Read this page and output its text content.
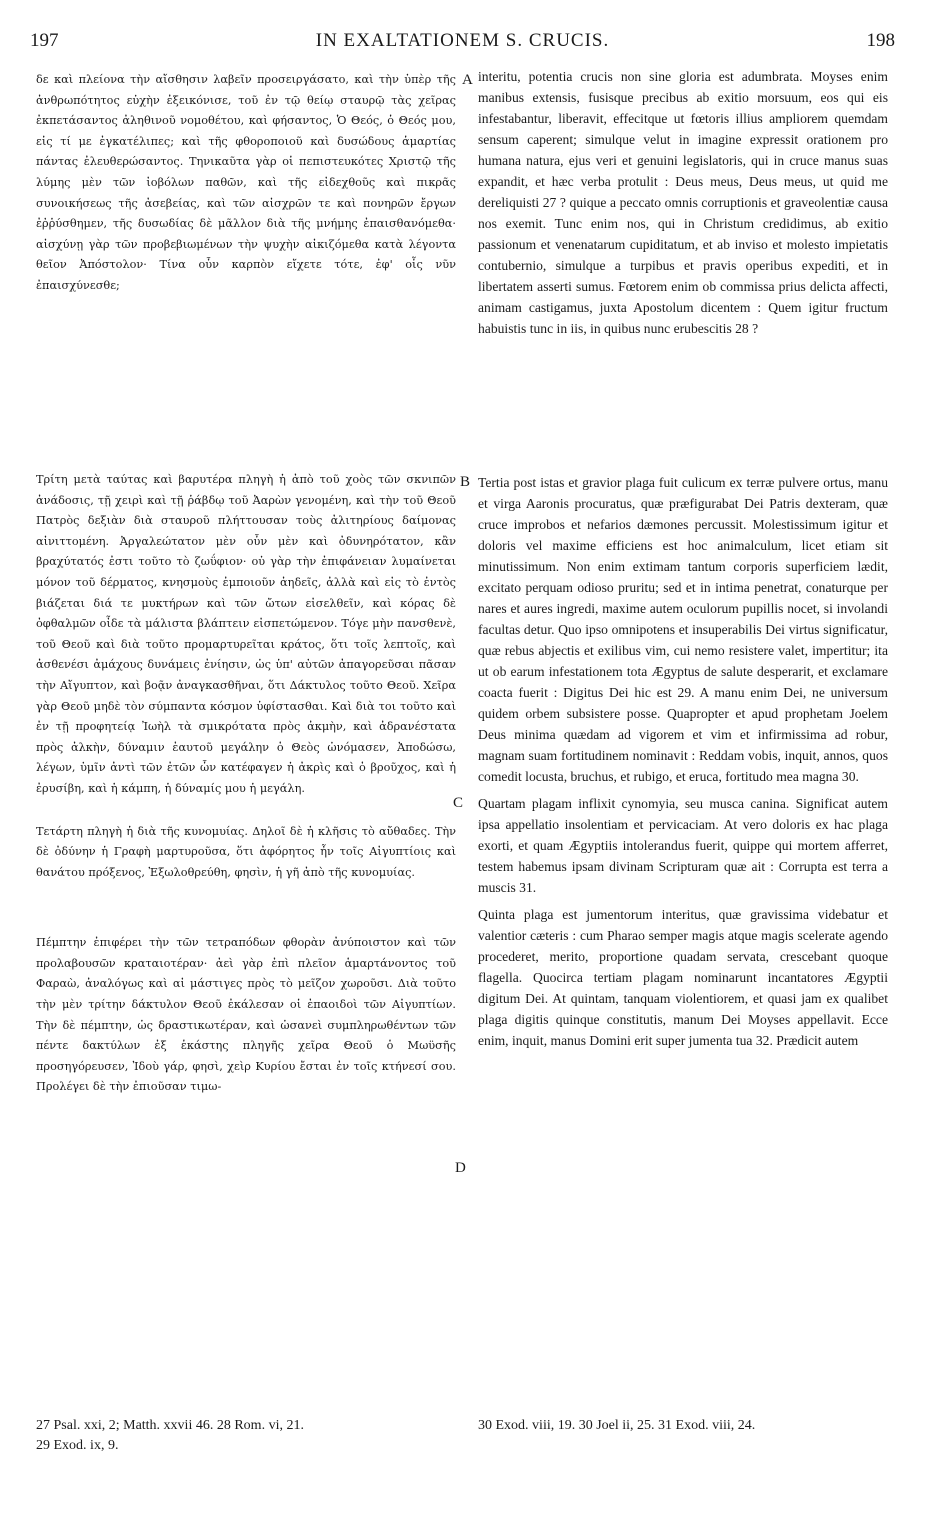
197	IN EXALTATIONEM S. CRUCIS.	198

δε καὶ πλείονα τὴν αἴσθησιν λαβεῖν προσειργάσατο, καὶ τὴν ὑπὲρ τῆς ἀνθρωπότητος εὐχὴν ἐξεικόνισε, τοῦ ἐν τῷ θείῳ σταυρῷ τὰς χεῖρας ἐκπετάσαντος ἀληθινοῦ νομοθέτου, καὶ φήσαντος, Ὁ Θεός, ὁ Θεός μου, εἰς τί με ἐγκατέλιπες; καὶ τῆς φθοροποιοῦ καὶ δυσώδους ἁμαρτίας πάντας ἐλευθερώσαντος. Τηνικαῦτα γὰρ οἱ πεπιστευκότες Χριστῷ τῆς λύμης μὲν τῶν ἰοβόλων παθῶν, καὶ τῆς εἰδεχθοῦς καὶ πικρᾶς συνοικήσεως τῆς ἀσεβείας, καὶ τῶν αἰσχρῶν τε καὶ πονηρῶν ἔργων ἐῤῥύσθημεν, τῆς δυσωδίας δὲ μᾶλλον διὰ τῆς μνήμης ἐπαισθανόμεθα· αἰσχύνῃ γὰρ τῶν προβεβιωμένων τὴν ψυχὴν αἰκιζόμεθα κατὰ λέγοντα θεῖον Ἀπόστολον· Τίνα οὖν καρπὸν εἴχετε τότε, ἐφ' οἷς νῦν ἐπαισχύνεσθε;

interitu, potentia crucis non sine gloria est adumbrata. Moyses enim manibus extensis, fusisque precibus ab exitio morsuum, eos qui eis infestabantur, liberavit, effecitque ut fœtoris illius ampliorem quemdam sensum caperent; simulque velut in imagine expressit orationem pro humana natura, ejus veri et genuini legislatoris, qui in cruce manus suas expandit, et hæc verba protulit : Deus meus, Deus meus, ut quid me dereliquisti 27 ? quique a peccato omnis corruptionis et graveolentiæ causa nos exemit. Tunc enim nos, qui in Christum credidimus, ab exitio passionum et venenatarum cupiditatum, et ab inviso et molesto impietatis contubernio, simulque a turpibus et pravis operibus expediti, et in libertatem asserti sumus. Fœtorem enim ob commissa prius delicta affecti, animam castigamus, juxta Apostolum dicentem : Quem igitur fructum habuistis tunc in iis, in quibus nunc erubescitis 28 ?

Τρίτη μετὰ ταύτας καὶ βαρυτέρα πληγὴ ἡ ἀπὸ τοῦ χοὸς τῶν σκνιπῶν ἀνάδοσις, τῇ χειρὶ καὶ τῇ ῥάβδῳ τοῦ Ἀαρὼν γενομένη, καὶ τὴν τοῦ Θεοῦ Πατρὸς δεξιὰν διὰ σταυροῦ πλήττουσαν τοὺς ἀλιτηρίους δαίμονας αἰνιττομένη. Ἀργαλεώτατον μὲν οὖν μὲν καὶ ὀδυνηρότατον, κἂν βραχύτατός ἐστι τοῦτο τὸ ζωΰφιον· οὐ γὰρ τὴν ἐπιφάνειαν λυμαίνεται μόνον τοῦ δέρματος, κνησμοὺς ἐμποιοῦν ἀηδεῖς, ἀλλὰ καὶ εἰς τὸ ἐντὸς βιάζεται διά τε μυκτήρων καὶ τῶν ὤτων εἰσελθεῖν, καὶ κόρας δὲ ὀφθαλμῶν οἶδε τὰ μάλιστα βλάπτειν εἰσπετώμενον. Τόγε μὴν πανσθενὲ, τοῦ Θεοῦ καὶ διὰ τοῦτο προμαρτυρεῖται κράτος, ὅτι τοῖς λεπτοῖς, καὶ ἀσθενέσι ἀμάχους δυνάμεις ἐνίησιν, ὡς ὑπ' αὐτῶν ἀπαγορεῦσαι πᾶσαν τὴν Αἴγυπτον, καὶ βοᾷν ἀναγκασθῆναι, ὅτι Δάκτυλος τοῦτο Θεοῦ. Χεῖρα γὰρ Θεοῦ μηδὲ τὸν σύμπαντα κόσμον ὑφίστασθαι. Καὶ διὰ τοι τοῦτο καὶ ἐν τῇ προφητείᾳ Ἰωὴλ τὰ σμικρότατα πρὸς ἀκμὴν, καὶ ἀδρανέστατα πρὸς ἀλκὴν, δύναμιν ἑαυτοῦ μεγάλην ὁ Θεὸς ὠνόμασεν, Ἀποδώσω, λέγων, ὑμῖν ἀντὶ τῶν ἐτῶν ὧν κατέφαγεν ἡ ἀκρὶς καὶ ὁ βροῦχος, καὶ ἡ ἐρυσίβη, καὶ ἡ κάμπη, ἡ δύναμίς μου ἡ μεγάλη.

Τετάρτη πληγὴ ἡ διὰ τῆς κυνομυίας. Δηλοῖ δὲ ἡ κλῆσις τὸ αὔθαδες. Τὴν δὲ ὀδύνην ἡ Γραφὴ μαρτυροῦσα, ὅτι ἀφόρητος ἦν τοῖς Αἰγυπτίοις καὶ θανάτου πρόξενος, Ἐξωλοθρεύθη, φησὶν, ἡ γῆ ἀπὸ τῆς κυνομυίας.

Πέμπτην ἐπιφέρει τὴν τῶν τετραπόδων φθορὰν ἀνύποιστον καὶ τῶν προλαβουσῶν κραταιοτέραν· ἀεὶ γὰρ ἐπὶ πλεῖον ἁμαρτάνοντος τοῦ Φαραὼ, ἀναλόγως καὶ αἱ μάστιγες πρὸς τὸ μεῖζον χωροῦσι. Διὰ τοῦτο τὴν μὲν τρίτην δάκτυλον Θεοῦ ἐκάλεσαν οἱ ἐπαοιδοὶ τῶν Αἰγυπτίων. Τὴν δὲ πέμπτην, ὡς δραστικωτέραν, καὶ ὡσανεὶ συμπληρωθέντων τῶν πέντε δακτύλων ἐξ ἑκάστης πληγῆς χεῖρα Θεοῦ ὁ Μωϋσῆς προσηγόρευσεν, Ἰδοὺ γάρ, φησὶ, χεὶρ Κυρίου ἔσται ἐν τοῖς κτήνεσί σου. Προλέγει δὲ τὴν ἐπιοῦσαν τιμω-

Tertia post istas et gravior plaga fuit culicum ex terræ pulvere ortus, manu et virga Aaronis procuratus, quæ præfigurabat Dei Patris dexteram, quæ cruce improbos et nefarios dæmones percussit. Molestissimum igitur et doloris vel maxime efficiens est hoc animalculum, licet etiam sit minutissimum. Non enim extimam tantum corporis superficiem lædit, excitato perquam odioso pruritu; sed et in intima penetrat, conaturque per nares et aures ingredi, maxime autem oculorum pupillis nocet, si involandi facultas detur. Quo ipso omnipotens et insuperabilis Dei virtus significatur, quæ rebus abjectis et exilibus vim, cui nemo resistere valet, impertitur; ita ut ob earum infestationem tota Ægyptus de salute desperarit, et exclamare coacta fuerit : Digitus Dei hic est 29. A manu enim Dei, ne universum quidem orbem subsistere posse. Quapropter et apud prophetam Joelem Deus minima quædam ad vigorem et vim et infirmissima ad robur, magnam suam fortitudinem nominavit : Reddam vobis, inquit, annos, quos comedit locusta, bruchus, et rubigo, et eruca, fortitudo mea magna 30.

Quartam plagam inflixit cynomyia, seu musca canina. Significat autem ipsa appellatio insolentiam et pervicaciam. At vero doloris ex hac plaga exorti, et quam Ægyptiis intolerandus fuerit, quippe qui mortem afferret, testem habemus ipsam divinam Scripturam quæ ait : Corrupta est terra a muscis 31.

Quinta plaga est jumentorum interitus, quæ gravissima videbatur et valentior cæteris : cum Pharao semper magis atque magis scelerate agendo procederet, merito, proportione quadam servata, crescebant quoque flagella. Quocirca tertiam plagam nominarunt incantatores Ægyptii digitum Dei. At quintam, tanquam violentiorem, et quasi jam ex qualibet plaga digitis quinque constitutis, manum Dei Moyses appellavit. Ecce enim, inquit, manus Domini erit super jumenta tua 32. Prædicit autem

A
B
C
D
27 Psal. xxi, 2; Matth. xxvii 46. 28 Rom. vi, 21.
29 Exod. ix, 9.
30 Exod. viii, 19. 30 Joel ii, 25. 31 Exod. viii, 24.
